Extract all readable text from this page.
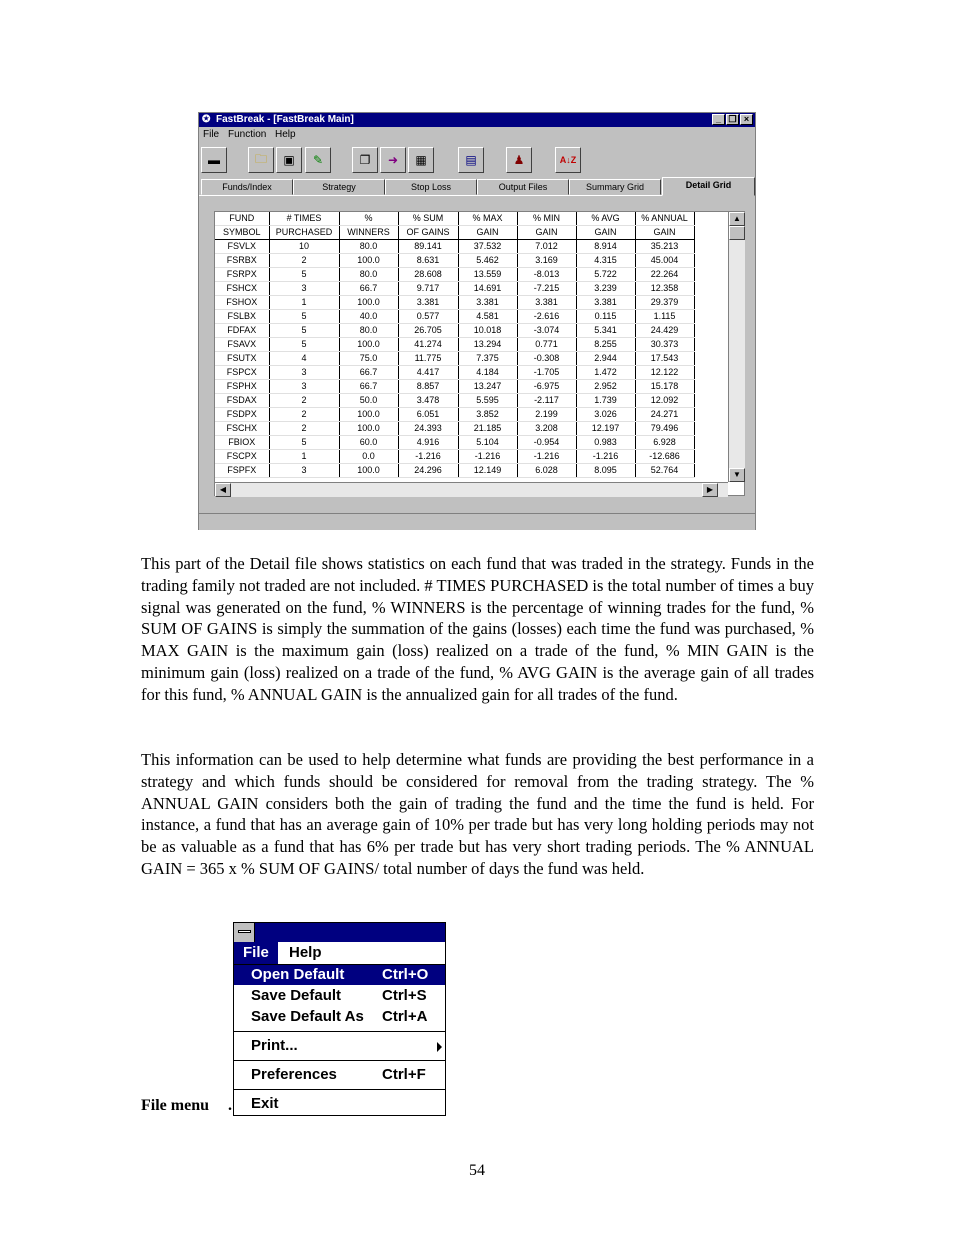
✪ FastBreak - [FastBreak Main]	_ ❐ ×
File Function Help
▬	🗀	▣	✎	❐	➜	▦	▤	♟	A↓Z
Funds/Index	Strategy	Stop Loss	Output Files	Summary Grid	Detail Grid
FUND	# TIMES	%	% SUM	% MAX	% MIN	% AVG	% ANNUAL
SYMBOL	PURCHASED	WINNERS	OF GAINS	GAIN	GAIN	GAIN	GAIN
FSVLX	10	80.0	89.141	37.532	7.012	8.914	35.213
FSRBX	2	100.0	8.631	5.462	3.169	4.315	45.004
FSRPX	5	80.0	28.608	13.559	-8.013	5.722	22.264
FSHCX	3	66.7	9.717	14.691	-7.215	3.239	12.358
FSHOX	1	100.0	3.381	3.381	3.381	3.381	29.379
FSLBX	5	40.0	0.577	4.581	-2.616	0.115	1.115
FDFAX	5	80.0	26.705	10.018	-3.074	5.341	24.429
FSAVX	5	100.0	41.274	13.294	0.771	8.255	30.373
FSUTX	4	75.0	11.775	7.375	-0.308	2.944	17.543
FSPCX	3	66.7	4.417	4.184	-1.705	1.472	12.122
FSPHX	3	66.7	8.857	13.247	-6.975	2.952	15.178
FSDAX	2	50.0	3.478	5.595	-2.117	1.739	12.092
FSDPX	2	100.0	6.051	3.852	2.199	3.026	24.271
FSCHX	2	100.0	24.393	21.185	3.208	12.197	79.496
FBIOX	5	60.0	4.916	5.104	-0.954	0.983	6.928
FSCPX	1	0.0	-1.216	-1.216	-1.216	-1.216	-12.686
FSPFX	3	100.0	24.296	12.149	6.028	8.095	52.764
▲
▼
◀	▶
This part of the Detail file shows statistics on each fund that was traded in the strategy. Funds in the trading family not traded are not included. # TIMES PURCHASED is the total number of times a buy signal was generated on the fund, % WINNERS is the percentage of winning trades for the fund, % SUM OF GAINS is simply the summation of the gains (losses) each time the fund was purchased, % MAX GAIN is the maximum gain (loss) realized on a trade of the fund, % MIN GAIN is the minimum gain (loss) realized on a trade of the fund, % AVG GAIN is the average gain of all trades for this fund, % ANNUAL GAIN is the annualized gain for all trades of the fund.
This information can be used to help determine what funds are providing the best performance in a strategy and which funds should be considered for removal from the trading strategy. The % ANNUAL GAIN considers both the gain of trading the fund and the time the fund is held. For instance, a fund that has an average gain of 10% per trade but has very long holding periods may not be as valuable as a fund that has 6% per trade but has very short trading periods. The % ANNUAL GAIN = 365 x % SUM OF GAINS/ total number of days the fund was held.
File menu .
File	Help
Open Default	Ctrl+O
Save Default	Ctrl+S
Save Default As Ctrl+A
Print...
Preferences	Ctrl+F
Exit
54
